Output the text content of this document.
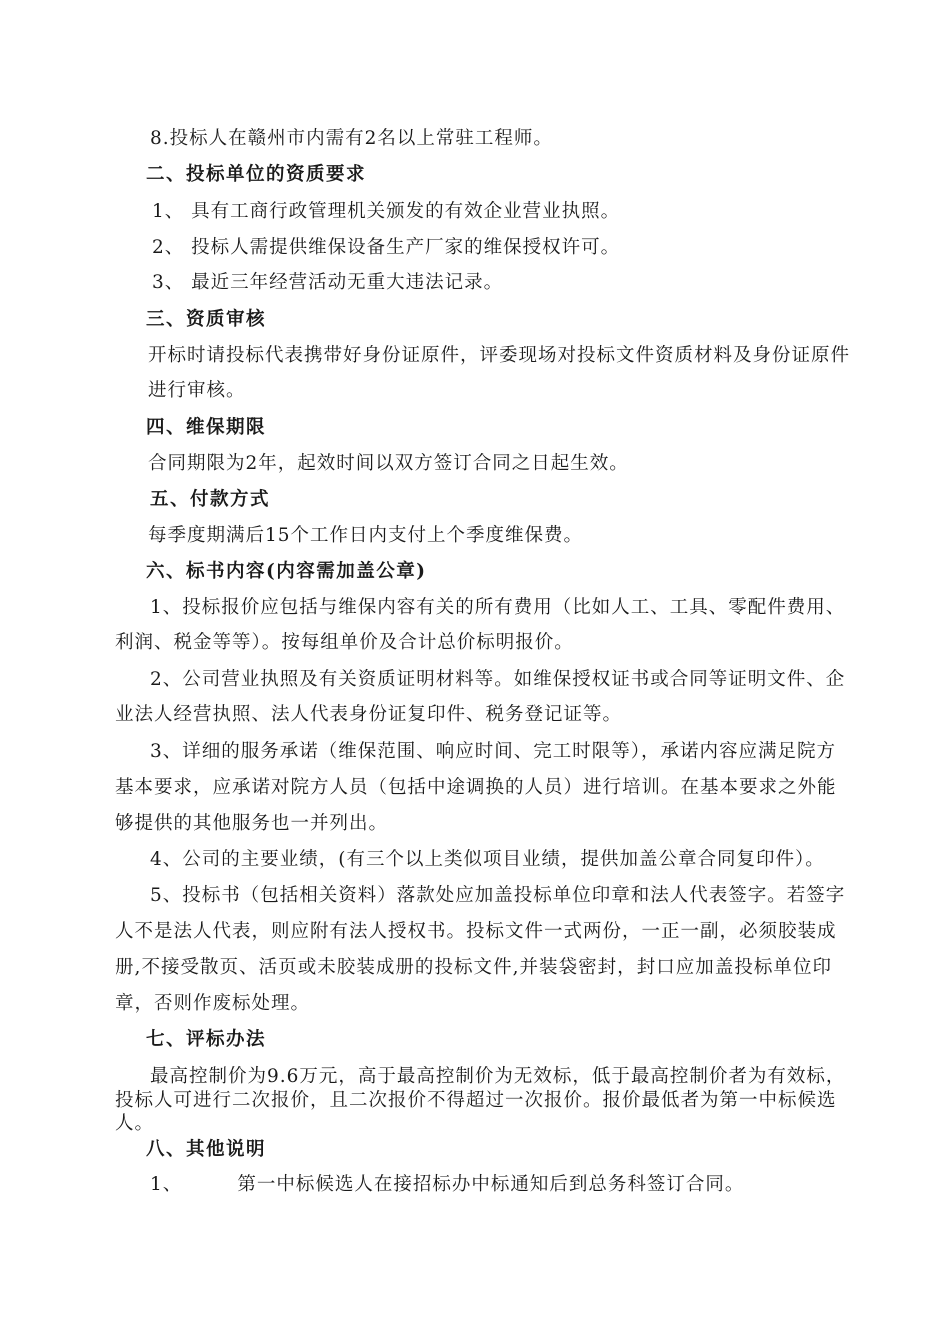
8.投标人在赣州市内需有2名以上常驻工程师。
二、投标单位的资质要求
1、 具有工商行政管理机关颁发的有效企业营业执照。
2、 投标人需提供维保设备生产厂家的维保授权许可。
3、 最近三年经营活动无重大违法记录。
三、资质审核
开标时请投标代表携带好身份证原件，评委现场对投标文件资质材料及身份证原件
进行审核。
四、维保期限
合同期限为2年，起效时间以双方签订合同之日起生效。
五、付款方式
每季度期满后15个工作日内支付上个季度维保费。
六、标书内容(内容需加盖公章)
1、投标报价应包括与维保内容有关的所有费用（比如人工、工具、零配件费用、
利润、税金等等）。按每组单价及合计总价标明报价。
2、公司营业执照及有关资质证明材料等。如维保授权证书或合同等证明文件、企
业法人经营执照、法人代表身份证复印件、税务登记证等。
3、详细的服务承诺（维保范围、响应时间、完工时限等），承诺内容应满足院方
基本要求，应承诺对院方人员（包括中途调换的人员）进行培训。在基本要求之外能
够提供的其他服务也一并列出。
4、公司的主要业绩，(有三个以上类似项目业绩，提供加盖公章合同复印件）。
5、投标书（包括相关资料）落款处应加盖投标单位印章和法人代表签字。若签字
人不是法人代表，则应附有法人授权书。投标文件一式两份，一正一副，必须胶装成
册,不接受散页、活页或未胶装成册的投标文件,并装袋密封，封口应加盖投标单位印
章，否则作废标处理。
七、评标办法
最高控制价为9.6万元，高于最高控制价为无效标，低于最高控制价者为有效标，
投标人可进行二次报价，且二次报价不得超过一次报价。报价最低者为第一中标候选
人。
八、其他说明
1、        第一中标候选人在接招标办中标通知后到总务科签订合同。
